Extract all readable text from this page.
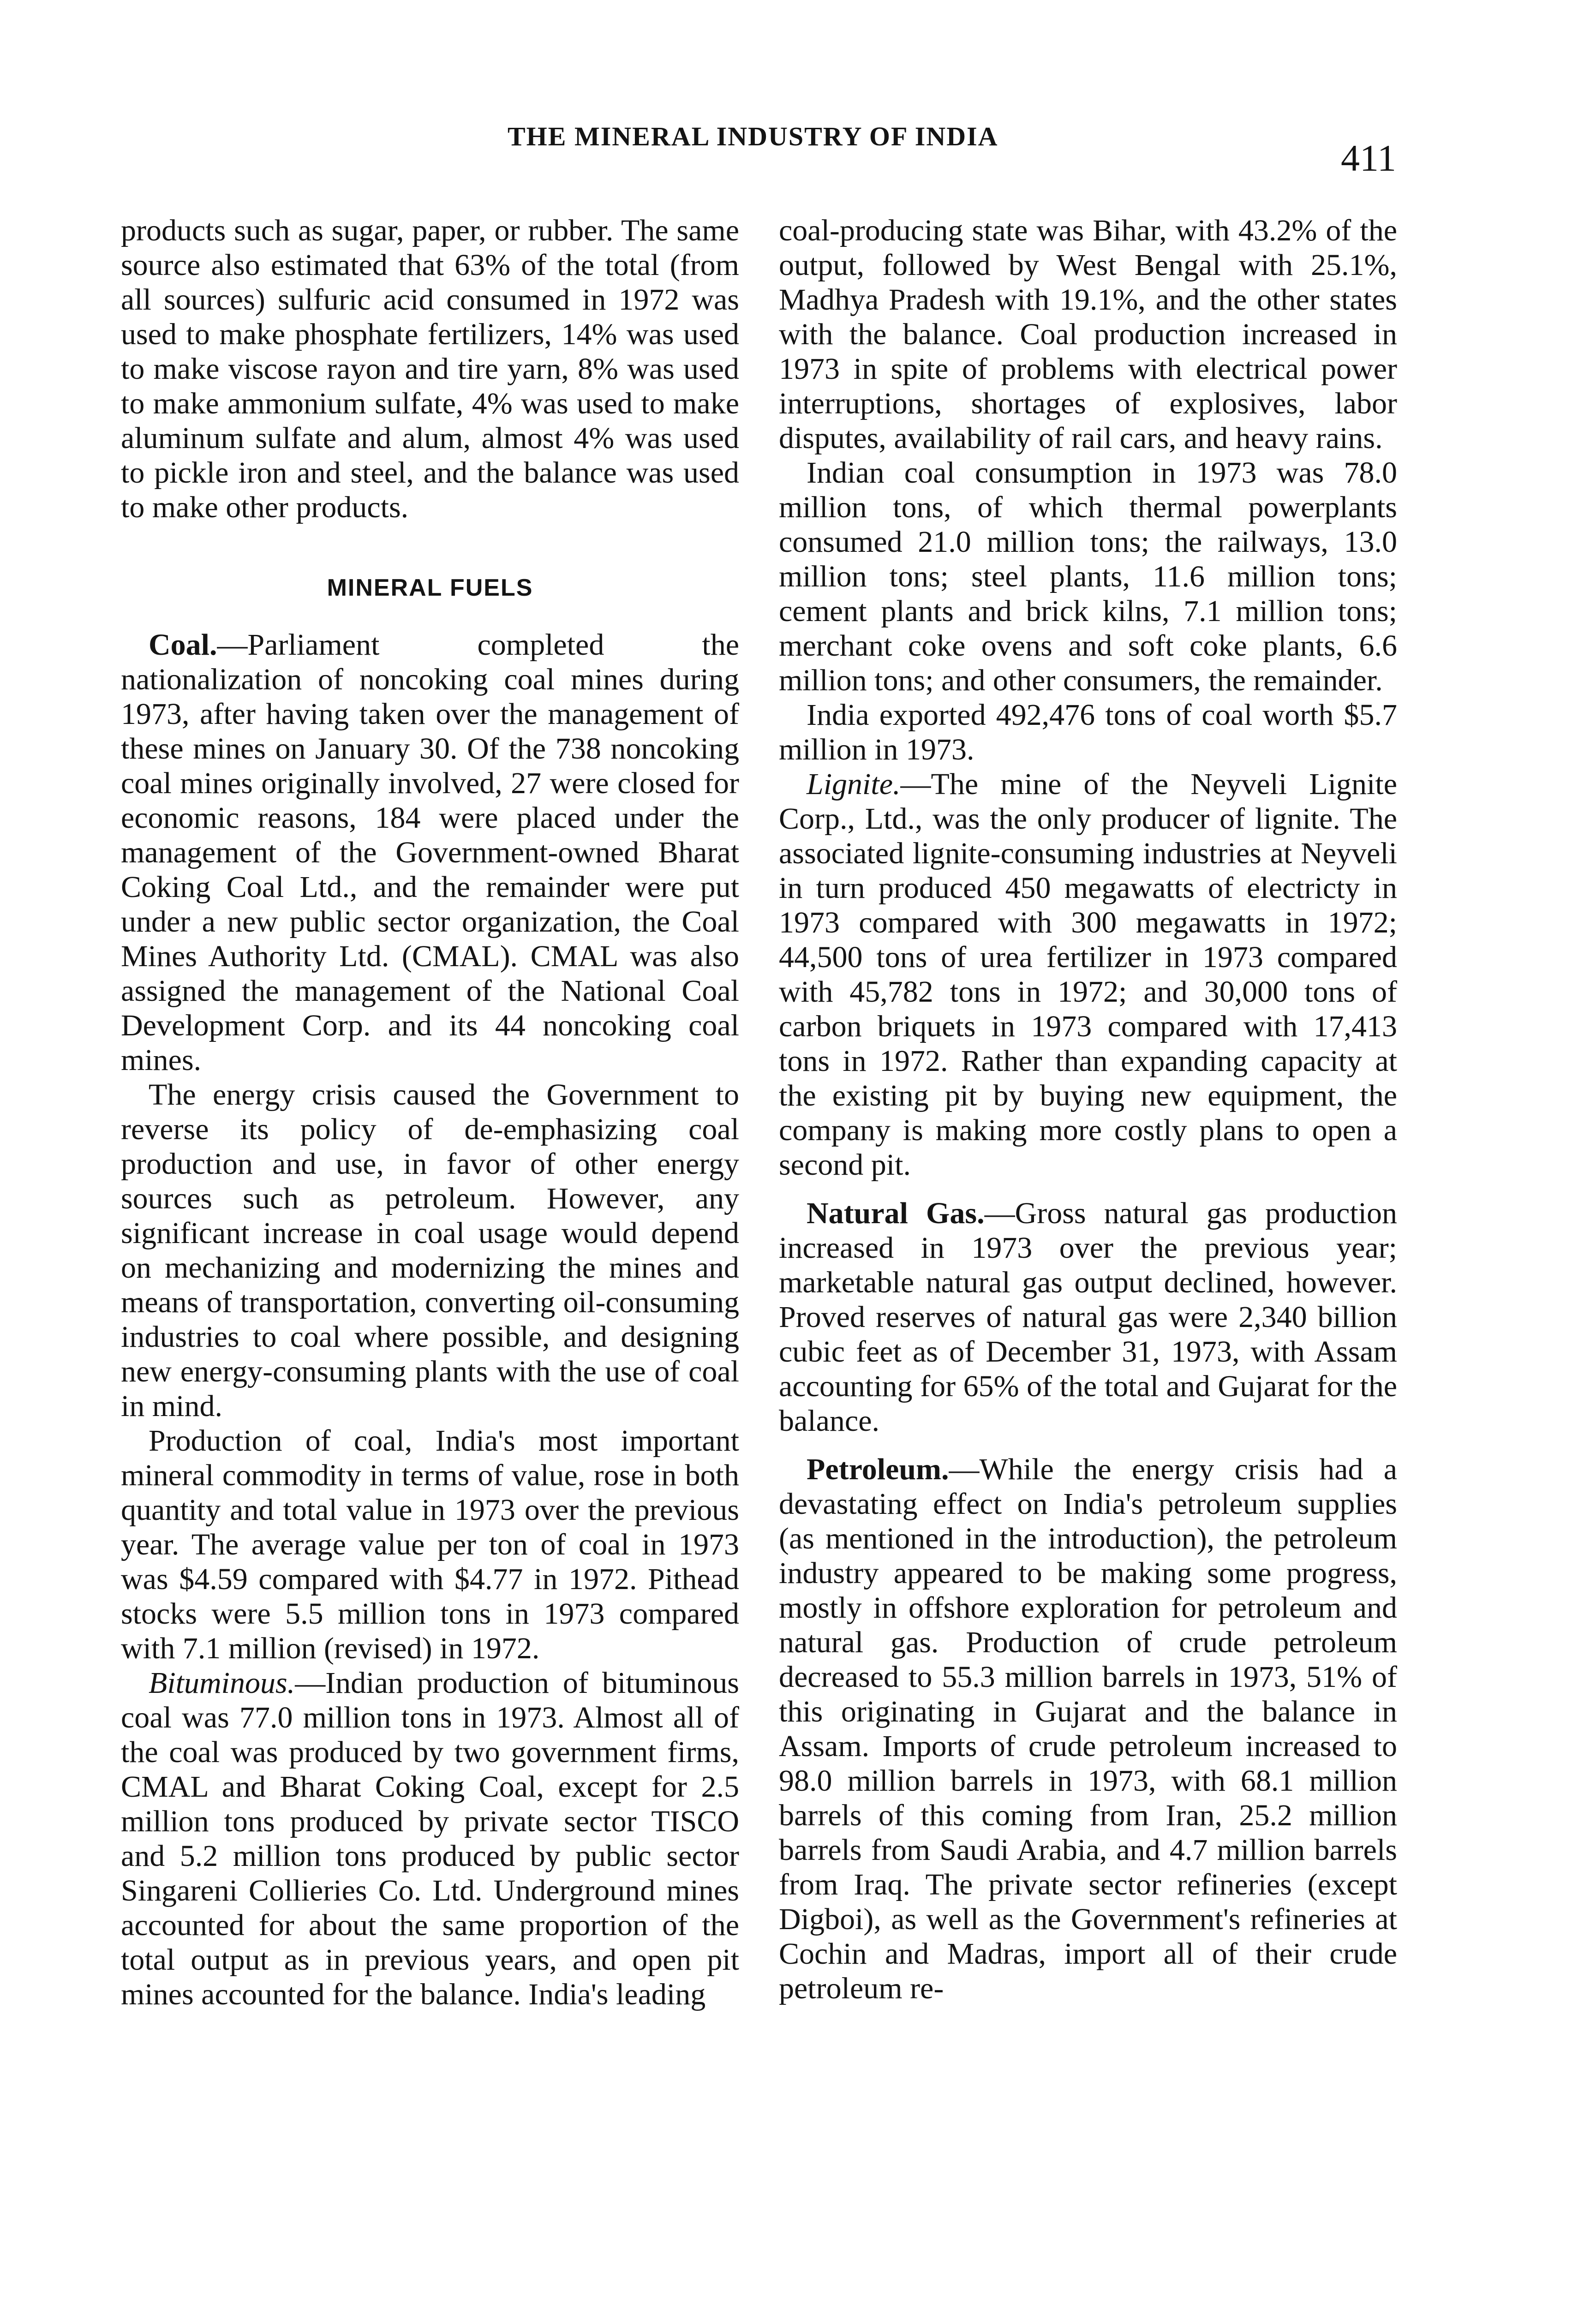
THE MINERAL INDUSTRY OF INDIA
411

products such as sugar, paper, or rubber. The same source also estimated that 63% of the total (from all sources) sulfuric acid consumed in 1972 was used to make phosphate fertilizers, 14% was used to make viscose rayon and tire yarn, 8% was used to make ammonium sulfate, 4% was used to make aluminum sulfate and alum, almost 4% was used to pickle iron and steel, and the balance was used to make other products.

MINERAL FUELS

Coal.—Parliament completed the nationalization of noncoking coal mines during 1973, after having taken over the management of these mines on January 30. Of the 738 noncoking coal mines originally involved, 27 were closed for economic reasons, 184 were placed under the management of the Government-owned Bharat Coking Coal Ltd., and the remainder were put under a new public sector organization, the Coal Mines Authority Ltd. (CMAL). CMAL was also assigned the management of the National Coal Development Corp. and its 44 noncoking coal mines.

The energy crisis caused the Government to reverse its policy of de-emphasizing coal production and use, in favor of other energy sources such as petroleum. However, any significant increase in coal usage would depend on mechanizing and modernizing the mines and means of transportation, converting oil-consuming industries to coal where possible, and designing new energy-consuming plants with the use of coal in mind.

Production of coal, India's most important mineral commodity in terms of value, rose in both quantity and total value in 1973 over the previous year. The average value per ton of coal in 1973 was $4.59 compared with $4.77 in 1972. Pithead stocks were 5.5 million tons in 1973 compared with 7.1 million (revised) in 1972.

Bituminous.—Indian production of bituminous coal was 77.0 million tons in 1973. Almost all of the coal was produced by two government firms, CMAL and Bharat Coking Coal, except for 2.5 million tons produced by private sector TISCO and 5.2 million tons produced by public sector Singareni Collieries Co. Ltd. Underground mines accounted for about the same proportion of the total output as in previous years, and open pit mines accounted for the balance. India's leading

coal-producing state was Bihar, with 43.2% of the output, followed by West Bengal with 25.1%, Madhya Pradesh with 19.1%, and the other states with the balance. Coal production increased in 1973 in spite of problems with electrical power interruptions, shortages of explosives, labor disputes, availability of rail cars, and heavy rains.

Indian coal consumption in 1973 was 78.0 million tons, of which thermal powerplants consumed 21.0 million tons; the railways, 13.0 million tons; steel plants, 11.6 million tons; cement plants and brick kilns, 7.1 million tons; merchant coke ovens and soft coke plants, 6.6 million tons; and other consumers, the remainder.

India exported 492,476 tons of coal worth $5.7 million in 1973.

Lignite.—The mine of the Neyveli Lignite Corp., Ltd., was the only producer of lignite. The associated lignite-consuming industries at Neyveli in turn produced 450 megawatts of electricty in 1973 compared with 300 megawatts in 1972; 44,500 tons of urea fertilizer in 1973 compared with 45,782 tons in 1972; and 30,000 tons of carbon briquets in 1973 compared with 17,413 tons in 1972. Rather than expanding capacity at the existing pit by buying new equipment, the company is making more costly plans to open a second pit.

Natural Gas.—Gross natural gas production increased in 1973 over the previous year; marketable natural gas output declined, however. Proved reserves of natural gas were 2,340 billion cubic feet as of December 31, 1973, with Assam accounting for 65% of the total and Gujarat for the balance.

Petroleum.—While the energy crisis had a devastating effect on India's petroleum supplies (as mentioned in the introduction), the petroleum industry appeared to be making some progress, mostly in offshore exploration for petroleum and natural gas. Production of crude petroleum decreased to 55.3 million barrels in 1973, 51% of this originating in Gujarat and the balance in Assam. Imports of crude petroleum increased to 98.0 million barrels in 1973, with 68.1 million barrels of this coming from Iran, 25.2 million barrels from Saudi Arabia, and 4.7 million barrels from Iraq. The private sector refineries (except Digboi), as well as the Government's refineries at Cochin and Madras, import all of their crude petroleum re-
